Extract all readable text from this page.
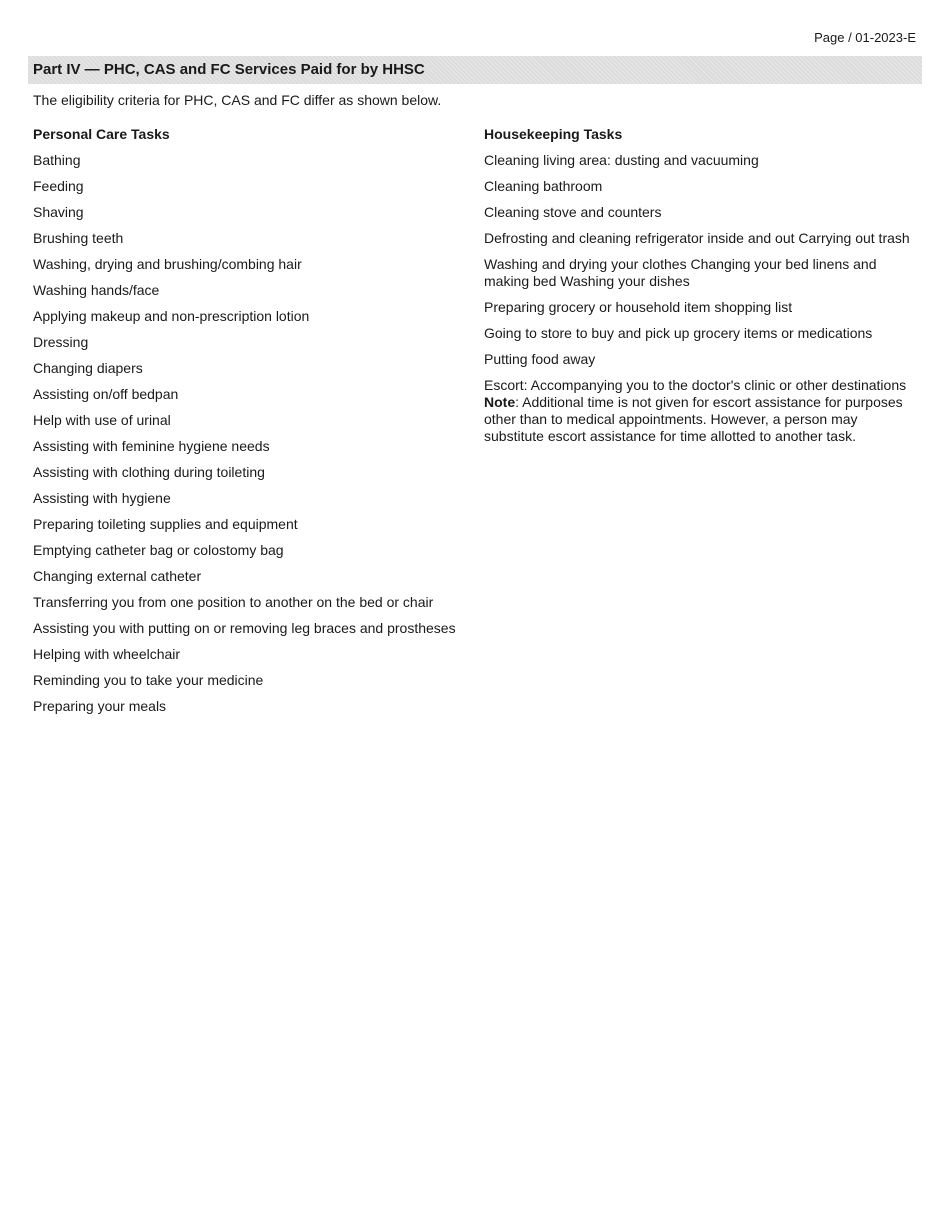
Page / 01-2023-E
Part IV — PHC, CAS and FC Services Paid for by HHSC
The eligibility criteria for PHC, CAS and FC differ as shown below.
Personal Care Tasks
Bathing
Feeding
Shaving
Brushing teeth
Washing, drying and brushing/combing hair
Washing hands/face
Applying makeup and non-prescription lotion
Dressing
Changing diapers
Assisting on/off bedpan
Help with use of urinal
Assisting with feminine hygiene needs
Assisting with clothing during toileting
Assisting with hygiene
Preparing toileting supplies and equipment
Emptying catheter bag or colostomy bag
Changing external catheter
Transferring you from one position to another on the bed or chair
Assisting you with putting on or removing leg braces and prostheses
Helping with wheelchair
Reminding you to take your medicine
Preparing your meals
Housekeeping Tasks
Cleaning living area: dusting and vacuuming
Cleaning bathroom
Cleaning stove and counters
Defrosting and cleaning refrigerator inside and out Carrying out trash
Washing and drying your clothes Changing your bed linens and making bed Washing your dishes
Preparing grocery or household item shopping list
Going to store to buy and pick up grocery items or medications
Putting food away
Escort: Accompanying you to the doctor's clinic or other destinations
Note: Additional time is not given for escort assistance for purposes other than to medical appointments. However, a person may substitute escort assistance for time allotted to another task.
